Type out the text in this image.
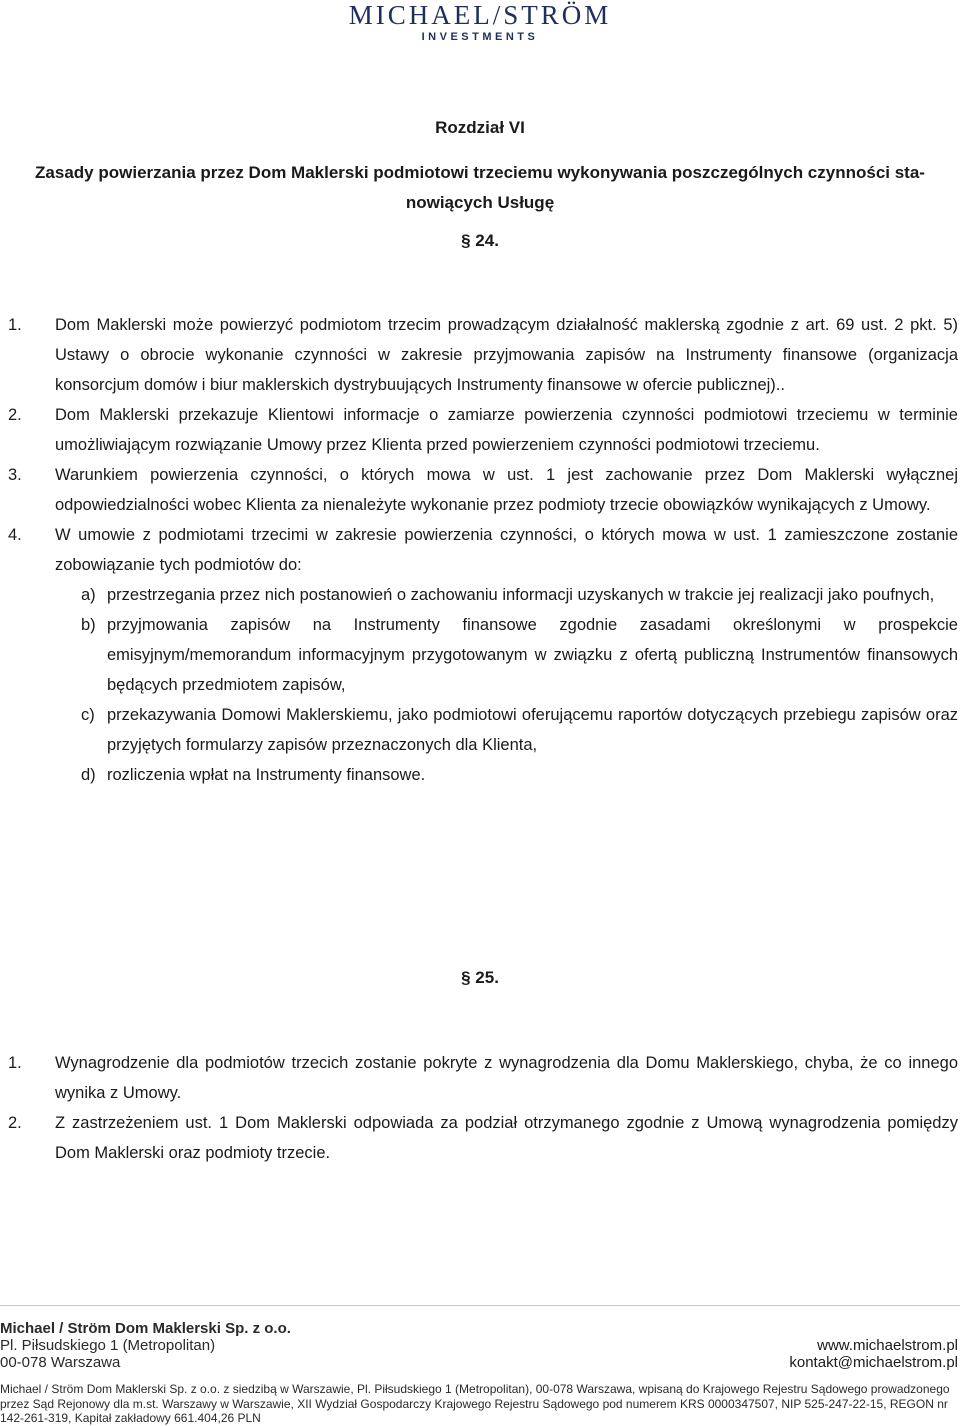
MICHAEL/STRÖM
INVESTMENTS
Rozdział VI
Zasady powierzania przez Dom Maklerski podmiotowi trzeciemu wykonywania poszczególnych czynności sta-
nowiących Usługę
§ 24.
1. Dom Maklerski może powierzyć podmiotom trzecim prowadzącym działalność maklerską zgodnie z art. 69 ust. 2 pkt. 5) Ustawy o obrocie wykonanie czynności w zakresie przyjmowania zapisów na Instrumenty finansowe (organizacja konsorcjum domów i biur maklerskich dystrybuujących Instrumenty finansowe w ofercie publicznej)..

2. Dom Maklerski przekazuje Klientowi informacje o zamiarze powierzenia czynności podmiotowi trzeciemu w terminie umożliwiającym rozwiązanie Umowy przez Klienta przed powierzeniem czynności podmiotowi trzeciemu.

3. Warunkiem powierzenia czynności, o których mowa w ust. 1 jest zachowanie przez Dom Maklerski wyłącznej odpowiedzialności wobec Klienta za nienależyte wykonanie przez podmioty trzecie obowiązków wynikających z Umowy.

4. W umowie z podmiotami trzecimi w zakresie powierzenia czynności, o których mowa w ust. 1 zamieszczone zostanie zobowiązanie tych podmiotów do:

a) przestrzegania przez nich postanowień o zachowaniu informacji uzyskanych w trakcie jej realizacji jako poufnych,

b) przyjmowania zapisów na Instrumenty finansowe zgodnie zasadami określonymi w prospekcie emisyjnym/memorandum informacyjnym przygotowanym w związku z ofertą publiczną Instrumentów finansowych będących przedmiotem zapisów,

c) przekazywania Domowi Maklerskiemu, jako podmiotowi oferującemu raportów dotyczących przebiegu zapisów oraz przyjętych formularzy zapisów przeznaczonych dla Klienta,

d) rozliczenia wpłat na Instrumenty finansowe.

§ 25.
1. Wynagrodzenie dla podmiotów trzecich zostanie pokryte z wynagrodzenia dla Domu Maklerskiego, chyba, że co innego wynika z Umowy.

2. Z zastrzeżeniem ust. 1 Dom Maklerski odpowiada za podział otrzymanego zgodnie z Umową wynagrodzenia pomiędzy Dom Maklerski oraz podmioty trzecie.

Michael / Ström Dom Maklerski Sp. z o.o.
Pl. Piłsudskiego 1 (Metropolitan)
00-078 Warszawa
www.michaelstrom.pl
kontakt@michaelstrom.pl
Michael / Ström Dom Maklerski Sp. z o.o. z siedzibą w Warszawie, Pl. Piłsudskiego 1 (Metropolitan), 00-078 Warszawa, wpisaną do Krajowego Rejestru Sądowego prowadzonego przez Sąd Rejonowy dla m.st. Warszawy w Warszawie, XII Wydział Gospodarczy Krajowego Rejestru Sądowego pod numerem KRS 0000347507, NIP 525-247-22-15, REGON nr 142-261-319, Kapitał zakładowy 661.404,26 PLN
